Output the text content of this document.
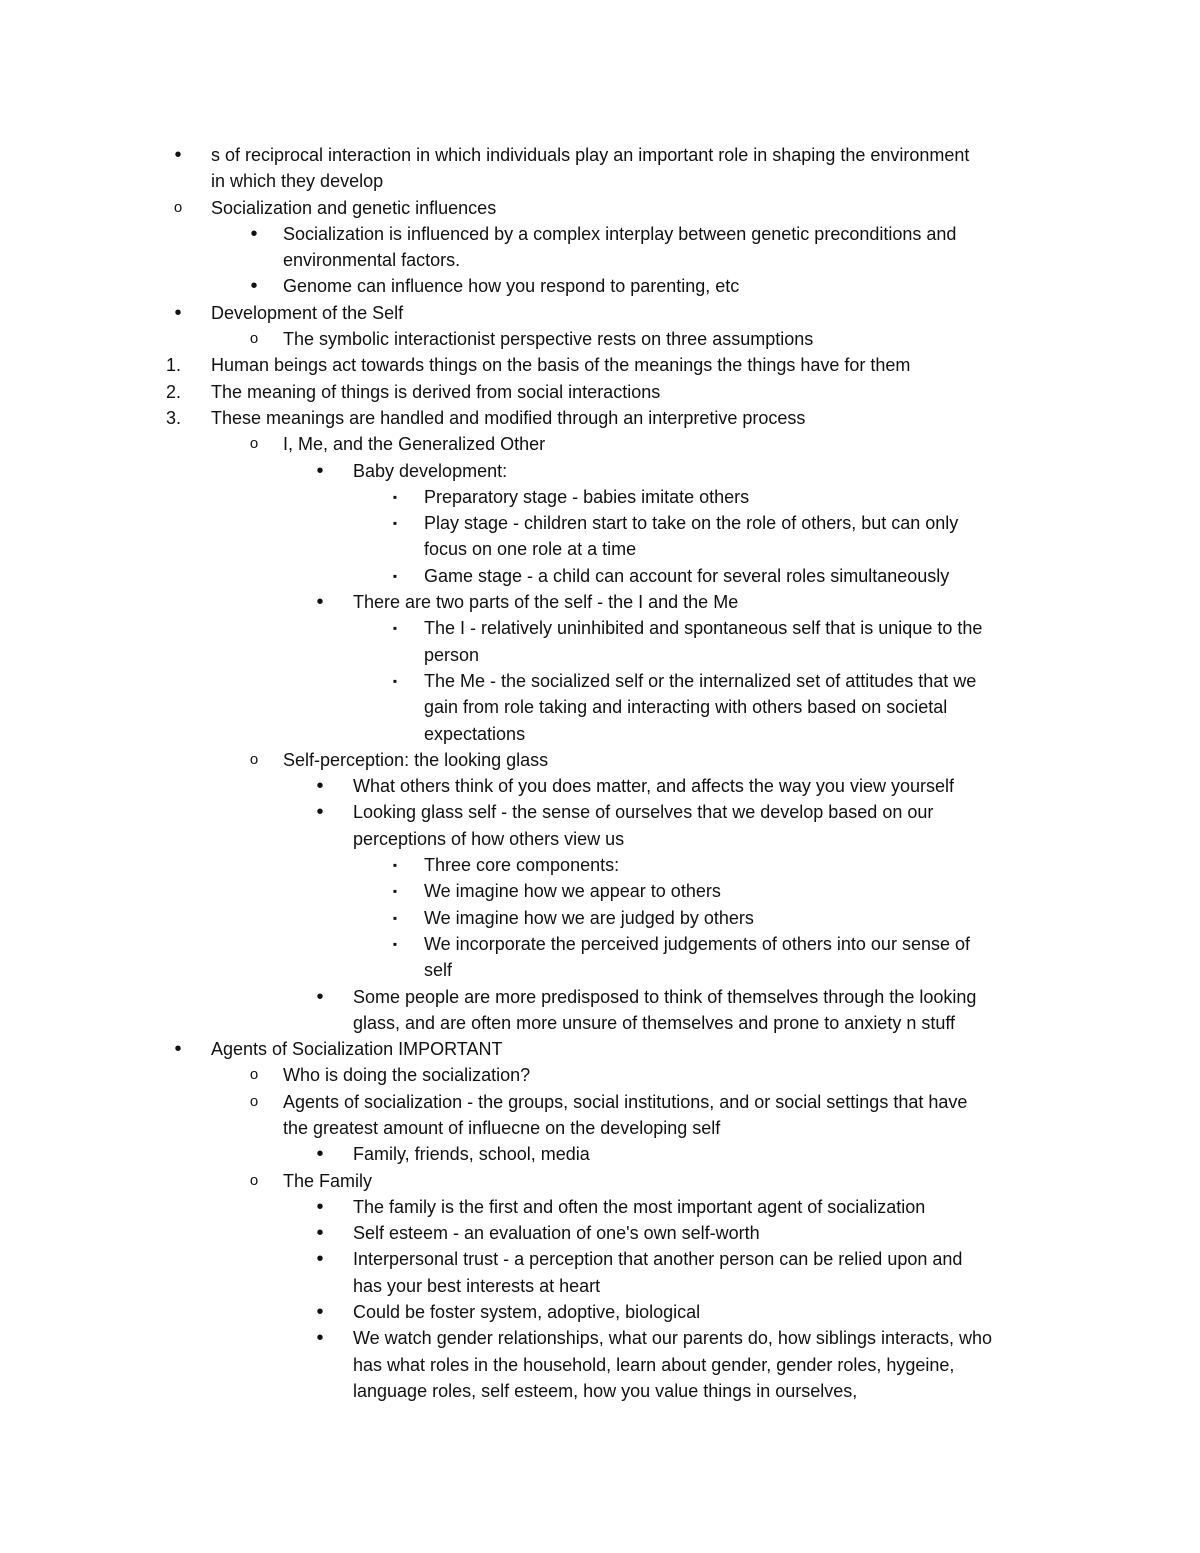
•	s of reciprocal interaction in which individuals play an important role in shaping the environment
in which they develop
o	Socialization and genetic influences
•	Socialization is influenced by a complex interplay between genetic preconditions and
environmental factors.
•	Genome can influence how you respond to parenting, etc
•	Development of the Self
o	The symbolic interactionist perspective rests on three assumptions
1.	Human beings act towards things on the basis of the meanings the things have for them
2.	The meaning of things is derived from social interactions
3.	These meanings are handled and modified through an interpretive process
o	I, Me, and the Generalized Other
•	Baby development:
▪	Preparatory stage - babies imitate others
▪	Play stage - children start to take on the role of others, but can only
focus on one role at a time
▪	Game stage - a child can account for several roles simultaneously
•	There are two parts of the self - the I and the Me
▪	The I - relatively uninhibited and spontaneous self that is unique to the
person
▪	The Me - the socialized self or the internalized set of attitudes that we
gain from role taking and interacting with others based on societal
expectations
o	Self-perception: the looking glass
•	What others think of you does matter, and affects the way you view yourself
•	Looking glass self - the sense of ourselves that we develop based on our
perceptions of how others view us
▪	Three core components:
▪	We imagine how we appear to others
▪	We imagine how we are judged by others
▪	We incorporate the perceived judgements of others into our sense of
self
•	Some people are more predisposed to think of themselves through the looking
glass, and are often more unsure of themselves and prone to anxiety n stuff
•	Agents of Socialization IMPORTANT
o	Who is doing the socialization?
o	Agents of socialization - the groups, social institutions, and or social settings that have
the greatest amount of influecne on the developing self
•	Family, friends, school, media
o	The Family
•	The family is the first and often the most important agent of socialization
•	Self esteem - an evaluation of one's own self-worth
•	Interpersonal trust - a perception that another person can be relied upon and
has your best interests at heart
•	Could be foster system, adoptive, biological
•	We watch gender relationships, what our parents do, how siblings interacts, who
has what roles in the household, learn about gender, gender roles, hygeine,
language roles, self esteem, how you value things in ourselves,
